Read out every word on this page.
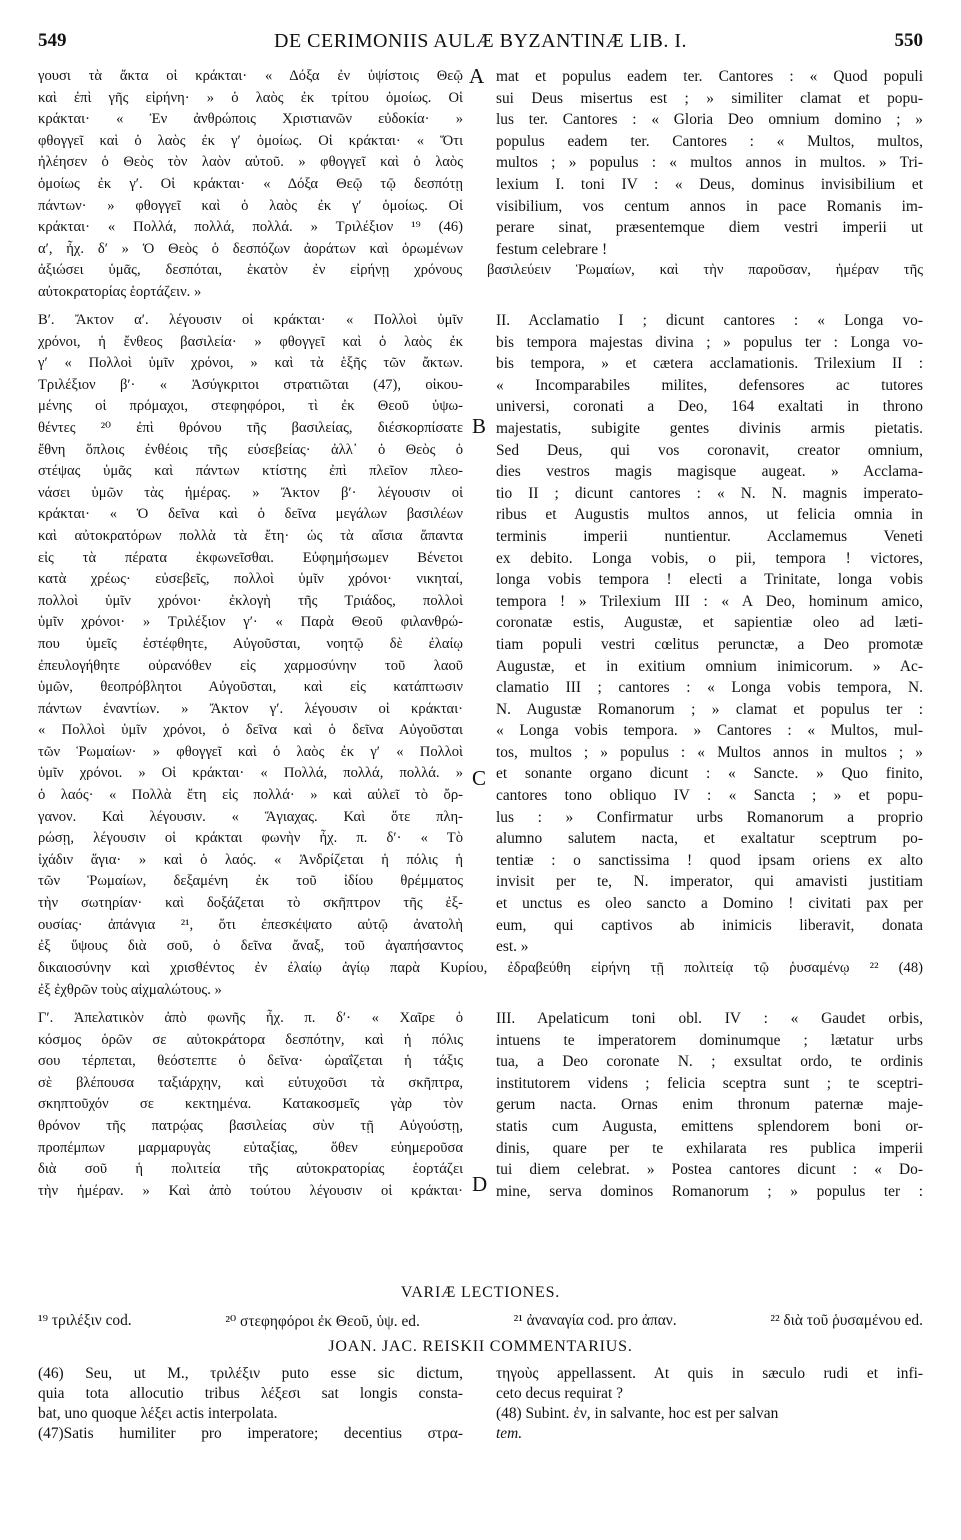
549	DE CERIMONIIS AULÆ BYZANTINÆ LIB. I.	550
A
B
C
D
γουσι τὰ ἄκτα οἱ κράκται· « Δόξα ἐν ὑψίστοις Θεῷ
καὶ ἐπὶ γῆς εἰρήνη· » ὁ λαὸς ἐκ τρίτου ὁμοίως. Οἱ
κράκται· « Ἐν ἀνθρώποις Χριστιανῶν εὐδοκία· »
φθογγεῖ καὶ ὁ λαὸς ἐκ γ′ ὁμοίως. Οἱ κράκται· « Ὅτι
ἠλέησεν ὁ Θεὸς τὸν λαὸν αὐτοῦ. » φθογγεῖ καὶ ὁ λαὸς
ὁμοίως ἐκ γ′. Οἱ κράκται· « Δόξα Θεῷ τῷ δεσπότῃ
πάντων· » φθογγεῖ καὶ ὁ λαὸς ἐκ γ′ ὁμοίως. Οἱ
κράκται· « Πολλά, πολλά, πολλά. » Τριλέξιον ¹⁹ (46)
α′, ἦχ. δ′ » Ὁ Θεὸς ὁ δεσπόζων ἀοράτων καὶ ὁρωμένων
mat et populus eadem ter. Cantores : « Quod populi
sui Deus misertus est ; » similiter clamat et popu-
lus ter. Cantores : « Gloria Deo omnium domino ; »
populus eadem ter. Cantores : « Multos, multos,
multos ; » populus : « multos annos in multos. » Tri-
lexium I. toni IV : « Deus, dominus invisibilium et
visibilium, vos centum annos in pace Romanis im-
perare sinat, præsentemque diem vestri imperii ut
festum celebrare !
ἀξιώσει ὑμᾶς, δεσπόται, ἑκατὸν ἐν εἰρήνῃ χρόνους βασιλεύειν Ῥωμαίων, καὶ τὴν παροῦσαν, ἡμέραν τῆς
αὐτοκρατορίας ἑορτάζειν. »
Β′. Ἄκτον α′. λέγουσιν οἱ κράκται· « Πολλοὶ ὑμῖν
χρόνοι, ἡ ἔνθεος βασιλεία· » φθογγεῖ καὶ ὁ λαὸς ἐκ
γ′ « Πολλοὶ ὑμῖν χρόνοι, » καὶ τὰ ἑξῆς τῶν ἄκτων.
Τριλέξιον β′· « Ἀσύγκριτοι στρατιῶται (47), οἰκου-
μένης οἱ πρόμαχοι, στεφηφόροι, τὶ ἐκ Θεοῦ ὑψω-
θέντες ²⁰ ἐπὶ θρόνου τῆς βασιλείας, διέσκορπίσατε
ἔθνη ὅπλοις ἐνθέοις τῆς εὐσεβείας· ἀλλ᾽ ὁ Θεὸς ὁ
στέψας ὑμᾶς καὶ πάντων κτίστης ἐπὶ πλεῖον πλεο-
νάσει ὑμῶν τὰς ἡμέρας. » Ἄκτον β′· λέγουσιν οἱ
κράκται· « Ὁ δεῖνα καὶ ὁ δεῖνα μεγάλων βασιλέων
καὶ αὐτοκρατόρων πολλὰ τὰ ἔτη· ὡς τὰ αἴσια ἅπαντα
εἰς τὰ πέρατα ἐκφωνεῖσθαι. Εὐφημήσωμεν Βένετοι
κατὰ χρέως· εὐσεβεῖς, πολλοὶ ὑμῖν χρόνοι· νικηταί,
πολλοὶ ὑμῖν χρόνοι· ἐκλογὴ τῆς Τριάδος, πολλοὶ
ὑμῖν χρόνοι· » Τριλέξιον γ′· « Παρὰ Θεοῦ φιλανθρώ-
που ὑμεῖς ἐστέφθητε, Αὐγοῦσται, νοητῷ δὲ ἐλαίῳ
ἐπευλογήθητε οὐρανόθεν εἰς χαρμοσύνην τοῦ λαοῦ
ὑμῶν, θεοπρόβλητοι Αὐγοῦσται, καὶ εἰς κατάπτωσιν
πάντων ἐναντίων. » Ἄκτον γ′. λέγουσιν οἱ κράκται·
« Πολλοὶ ὑμῖν χρόνοι, ὁ δεῖνα καὶ ὁ δεῖνα Αὐγοῦσται
τῶν Ῥωμαίων· » φθογγεῖ καὶ ὁ λαὸς ἐκ γ′ « Πολλοὶ
ὑμῖν χρόνοι. » Οἱ κράκται· « Πολλά, πολλά, πολλά. »
ὁ λαός· « Πολλὰ ἔτη εἰς πολλά· » καὶ αὐλεῖ τὸ ὄρ-
γανον. Καὶ λέγουσιν. « Ἅγιαχας. Καὶ ὅτε πλη-
ρώσῃ, λέγουσιν οἱ κράκται φωνὴν ἦχ. π. δ′· « Τὸ
ἰχάδιν ἅγια· » καὶ ὁ λαός. « Ἀνδρίζεται ἡ πόλις ἡ
τῶν Ῥωμαίων, δεξαμένη ἐκ τοῦ ἰδίου θρέμματος
τὴν σωτηρίαν· καὶ δοξάζεται τὸ σκῆπτρον τῆς ἐξ-
ουσίας· ἀπάνγια ²¹, ὅτι ἐπεσκέψατο αὐτῷ ἀνατολὴ
ἐξ ὕψους διὰ σοῦ, ὁ δεῖνα ἄναξ, τοῦ ἀγαπήσαντος
II. Acclamatio I ; dicunt cantores : « Longa vo-
bis tempora majestas divina ; » populus ter : Longa vo-
bis tempora, » et cætera acclamationis. Trilexium II :
« Incomparabiles milites, defensores ac tutores
universi, coronati a Deo, 164 exaltati in throno
majestatis, subigite gentes divinis armis pietatis.
Sed Deus, qui vos coronavit, creator omnium,
dies vestros magis magisque augeat. » Acclama-
tio II ; dicunt cantores : « N. N. magnis imperato-
ribus et Augustis multos annos, ut felicia omnia in
terminis imperii nuntientur. Acclamemus Veneti
ex debito. Longa vobis, o pii, tempora ! victores,
longa vobis tempora ! electi a Trinitate, longa vobis
tempora ! » Trilexium III : « A Deo, hominum amico,
coronatæ estis, Augustæ, et sapientiæ oleo ad læti-
tiam populi vestri cœlitus perunctæ, a Deo promotæ
Augustæ, et in exitium omnium inimicorum. » Ac-
clamatio III ; cantores : « Longa vobis tempora, N.
N. Augustæ Romanorum ; » clamat et populus ter :
« Longa vobis tempora. » Cantores : « Multos, mul-
tos, multos ; » populus : « Multos annos in multos ; »
et sonante organo dicunt : « Sancte. » Quo finito,
cantores tono obliquo IV : « Sancta ; » et popu-
lus : » Confirmatur urbs Romanorum a proprio
alumno salutem nacta, et exaltatur sceptrum po-
tentiæ : o sanctissima ! quod ipsam oriens ex alto
invisit per te, N. imperator, qui amavisti justitiam
et unctus es oleo sancto a Domino ! civitati pax per
eum, qui captivos ab inimicis liberavit, donata
est. »
δικαιοσύνην καὶ χρισθέντος ἐν ἐλαίῳ ἁγίῳ παρὰ Κυρίου, ἐδραβεύθη εἰρήνη τῇ πολιτείᾳ τῷ ῥυσαμένῳ ²² (48)
ἐξ ἐχθρῶν τοὺς αἰχμαλώτους. »
Γ′. Ἀπελατικὸν ἀπὸ φωνῆς ἦχ. π. δ′· « Χαῖρε ὁ
κόσμος ὁρῶν σε αὐτοκράτορα δεσπότην, καὶ ἡ πόλις
σου τέρπεται, θεόστεπτε ὁ δεῖνα· ὡραΐζεται ἡ τάξις
σὲ βλέπουσα ταξιάρχην, καὶ εὐτυχοῦσι τὰ σκῆπτρα,
σκηπτοῦχόν σε κεκτημένα. Κατακοσμεῖς γὰρ τὸν
θρόνον τῆς πατρῴας βασιλείας σὺν τῇ Αὐγούστῃ,
προπέμπων μαρμαρυγὰς εὐταξίας, ὅθεν εὐημεροῦσα
διὰ σοῦ ἡ πολιτεία τῆς αὐτοκρατορίας ἑορτάζει
τὴν ἡμέραν. » Καὶ ἀπὸ τούτου λέγουσιν οἱ κράκται·
III. Apelaticum toni obl. IV : « Gaudet orbis,
intuens te imperatorem dominumque ; lætatur urbs
tua, a Deo coronate N. ; exsultat ordo, te ordinis
institutorem videns ; felicia sceptra sunt ; te sceptri-
gerum nacta. Ornas enim thronum paternæ maje-
statis cum Augusta, emittens splendorem boni or-
dinis, quare per te exhilarata res publica imperii
tui diem celebrat. » Postea cantores dicunt : « Do-
mine, serva dominos Romanorum ; » populus ter :
VARIÆ LECTIONES.
¹⁹ τριλέξιν cod.	²⁰ στεφηφόροι ἐκ Θεοῦ, ὑψ. ed.	²¹ ἀναναγία cod. pro ἀπαν.	²² διὰ τοῦ ῥυσαμένου ed.
JOAN. JAC. REISKII COMMENTARIUS.
(46) Seu, ut M., τριλέξιν puto esse sic dictum,
quia tota allocutio tribus λέξεσι sat longis consta-
bat, uno quoque λέξει actis interpolata.
(47)Satis humiliter pro imperatore; decentius στρα-
τηγοὺς appellassent. At quis in sæculo rudi et infi-
ceto decus requirat ?
(48) Subint. ἐν, in salvante, hoc est per salvan
tem.
